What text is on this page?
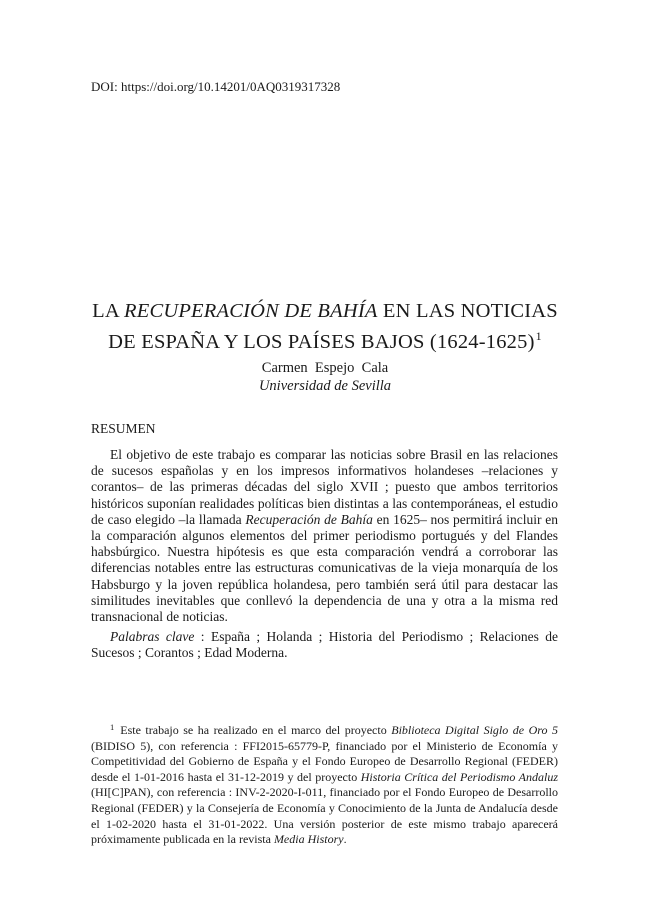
DOI: https://doi.org/10.14201/0AQ0319317328
LA RECUPERACIÓN DE BAHÍA EN LAS NOTICIAS
DE ESPAÑA Y LOS PAÍSES BAJOS (1624-1625)$^1$
Carmen  Espejo  Cala
Universidad de Sevilla
RESUMEN

El objetivo de este trabajo es comparar las noticias sobre Brasil en las relaciones de sucesos españolas y en los impresos informativos holandeses –relaciones y corantos– de las primeras décadas del siglo XVII ; puesto que ambos territorios históricos suponían realidades políticas bien distintas a las contemporáneas, el estudio de caso elegido –la llamada Recuperación de Bahía en 1625– nos permitirá incluir en la comparación algunos elementos del primer periodismo portugués y del Flandes habsbúrgico. Nuestra hipótesis es que esta comparación vendrá a corroborar las diferencias notables entre las estructuras comunicativas de la vieja monarquía de los Habsburgo y la joven república holandesa, pero también será útil para destacar las similitudes inevitables que conllevó la dependencia de una y otra a la misma red transnacional de noticias.

Palabras clave : España ; Holanda ; Historia del Periodismo ; Relaciones de Sucesos ; Corantos ; Edad Moderna.

$^1$ Este trabajo se ha realizado en el marco del proyecto Biblioteca Digital Siglo de Oro 5 (BIDISO 5), con referencia : FFI2015-65779-P, financiado por el Ministerio de Economía y Competitividad del Gobierno de España y el Fondo Europeo de Desarrollo Regional (FEDER) desde el 1-01-2016 hasta el 31-12-2019 y del proyecto Historia Crítica del Periodismo Andaluz (HI[C]PAN), con referencia : INV-2-2020-I-011, financiado por el Fondo Europeo de Desarrollo Regional (FEDER) y la Consejería de Economía y Conocimiento de la Junta de Andalucía desde el 1-02-2020 hasta el 31-01-2022. Una versión posterior de este mismo trabajo aparecerá próximamente publicada en la revista Media History.
